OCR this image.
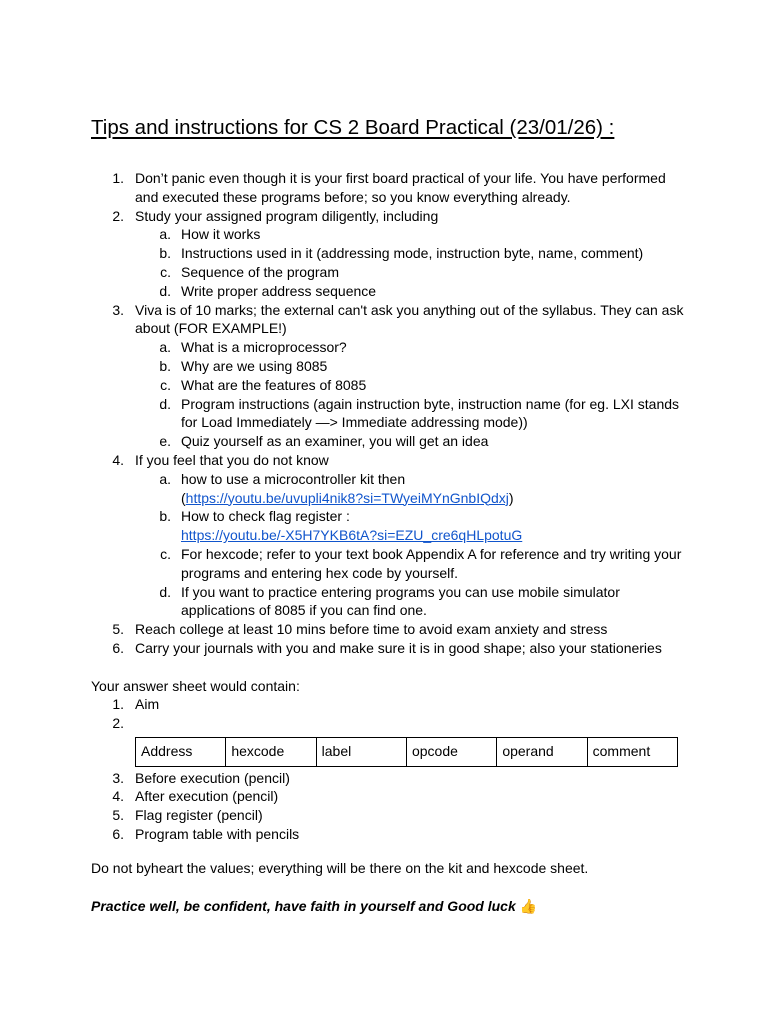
Tips and instructions for CS 2 Board Practical (23/01/26) :
1. Don’t panic even though it is your first board practical of your life. You have performed and executed these programs before; so you know everything already.
2. Study your assigned program diligently, including
a. How it works
b. Instructions used in it (addressing mode, instruction byte, name, comment)
c. Sequence of the program
d. Write proper address sequence
3. Viva is of 10 marks; the external can't ask you anything out of the syllabus. They can ask about (FOR EXAMPLE!)
a. What is a microprocessor?
b. Why are we using 8085
c. What are the features of 8085
d. Program instructions (again instruction byte, instruction name (for eg. LXI stands for Load Immediately —> Immediate addressing mode))
e. Quiz yourself as an examiner, you will get an idea
4. If you feel that you do not know
a. how to use a microcontroller kit then
(https://youtu.be/uvupli4nik8?si=TWyeiMYnGnbIQdxj)
b. How to check flag register :
https://youtu.be/-X5H7YKB6tA?si=EZU_cre6qHLpotuG
c. For hexcode; refer to your text book Appendix A for reference and try writing your programs and entering hex code by yourself.
d. If you want to practice entering programs you can use mobile simulator applications of 8085 if you can find one.
5. Reach college at least 10 mins before time to avoid exam anxiety and stress
6. Carry your journals with you and make sure it is in good shape; also your stationeries
Your answer sheet would contain:
1. Aim
2.

Address	hexcode	label	opcode	operand	comment
3. Before execution (pencil)
4. After execution (pencil)
5. Flag register (pencil)
6. Program table with pencils
Do not byheart the values; everything will be there on the kit and hexcode sheet.
Practice well, be confident, have faith in yourself and Good luck 👍
